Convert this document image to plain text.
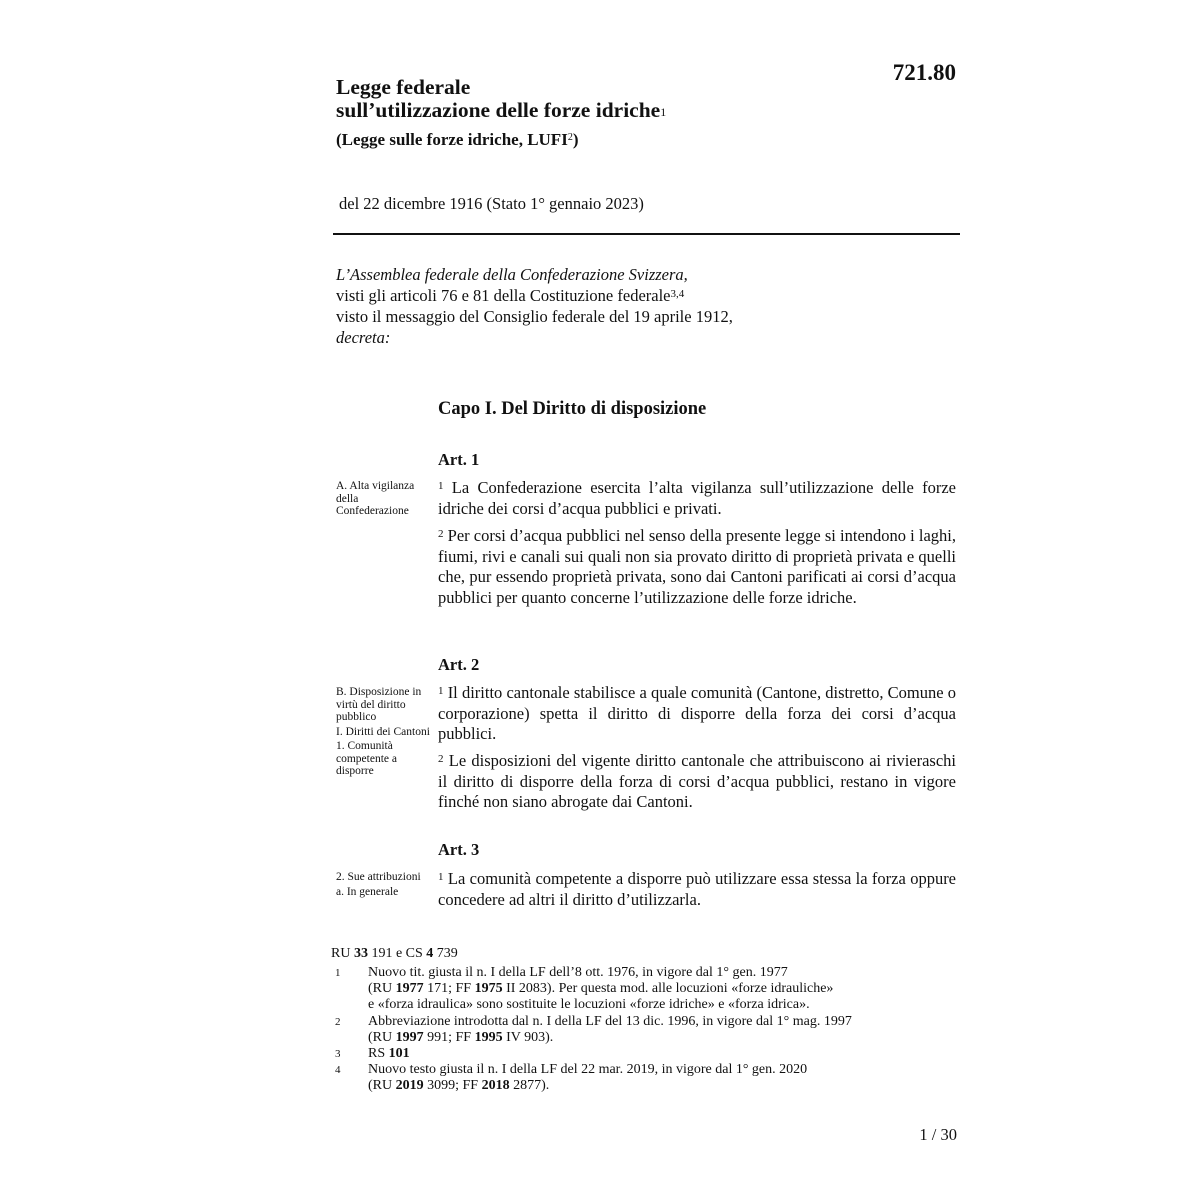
721.80
Legge federale
sull’utilizzazione delle forze idriche$^1$
(Legge sulle forze idriche, LUFI$^2$)
del 22 dicembre 1916 (Stato 1° gennaio 2023)
L’Assemblea federale della Confederazione Svizzera,
visti gli articoli 76 e 81 della Costituzione federale$^{3,4}$
visto il messaggio del Consiglio federale del 19 aprile 1912,
decreta:
Capo I. Del Diritto di disposizione
Art. 1
A. Alta vigilanza della Confederazione
$^1$ La Confederazione esercita l’alta vigilanza sull’utilizzazione delle forze idriche dei corsi d’acqua pubblici e privati.
$^2$ Per corsi d’acqua pubblici nel senso della presente legge si intendono i laghi, fiumi, rivi e canali sui quali non sia provato diritto di proprietà privata e quelli che, pur essendo proprietà privata, sono dai Cantoni parificati ai corsi d’acqua pubblici per quanto concerne l’utilizzazione delle forze idriche.
Art. 2
B. Disposizione in virtù del diritto pubblico
I. Diritti dei Cantoni
1. Comunità competente a disporre
$^1$ Il diritto cantonale stabilisce a quale comunità (Cantone, distretto, Comune o corporazione) spetta il diritto di disporre della forza dei corsi d’acqua pubblici.
$^2$ Le disposizioni del vigente diritto cantonale che attribuiscono ai rivieraschi il diritto di disporre della forza di corsi d’acqua pubblici, restano in vigore finché non siano abrogate dai Cantoni.
Art. 3
2. Sue attribuzioni
a. In generale
$^1$ La comunità competente a disporre può utilizzare essa stessa la forza oppure concedere ad altri il diritto d’utilizzarla.
RU 33 191 e CS 4 739
1	Nuovo tit. giusta il n. I della LF dell’8 ott. 1976, in vigore dal 1° gen. 1977
(RU 1977 171; FF 1975 II 2083). Per questa mod. alle locuzioni «forze idrauliche»
e «forza idraulica» sono sostituite le locuzioni «forze idriche» e «forza idrica».
2	Abbreviazione introdotta dal n. I della LF del 13 dic. 1996, in vigore dal 1° mag. 1997
(RU 1997 991; FF 1995 IV 903).
3	RS 101
4	Nuovo testo giusta il n. I della LF del 22 mar. 2019, in vigore dal 1° gen. 2020
(RU 2019 3099; FF 2018 2877).
1 / 30
